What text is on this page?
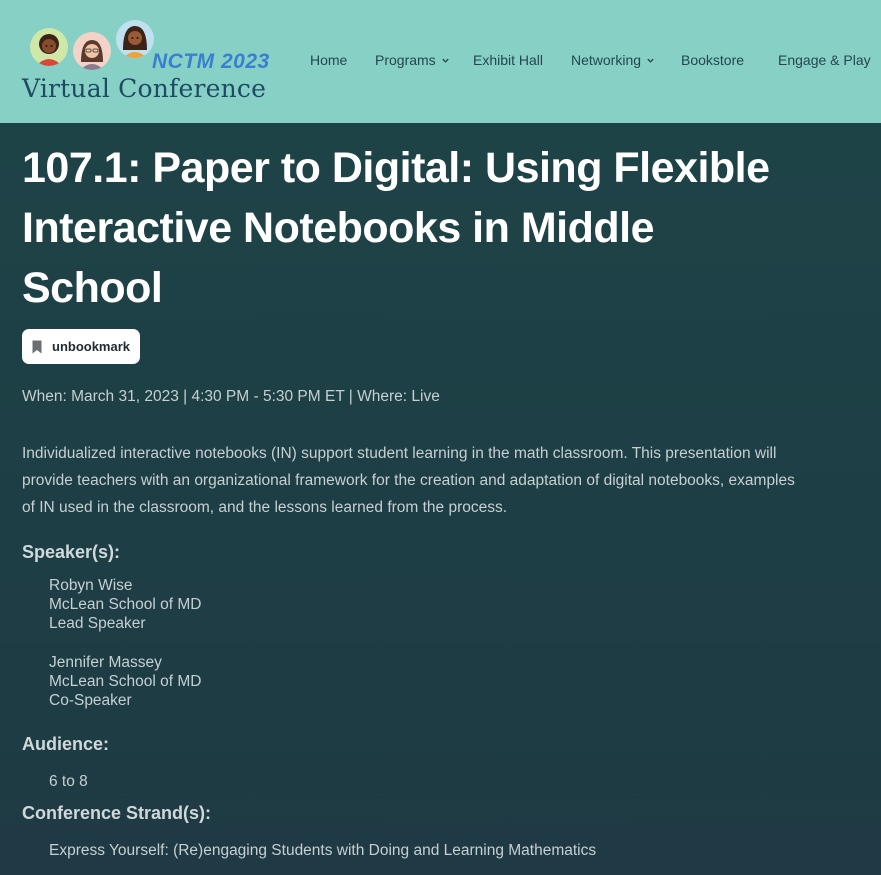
NCTM 2023
Virtual Conference
Home Programs	Exhibit Hall Networking	Bookstore Engage & Play
107.1: Paper to Digital: Using Flexible Interactive Notebooks in Middle School
unbookmark
When: March 31, 2023 | 4:30 PM - 5:30 PM ET | Where: Live
Individualized interactive notebooks (IN) support student learning in the math classroom. This presentation will provide teachers with an organizational framework for the creation and adaptation of digital notebooks, examples of IN used in the classroom, and the lessons learned from the process.
Speaker(s):
Robyn Wise
McLean School of MD
Lead Speaker
Jennifer Massey
McLean School of MD
Co-Speaker
Audience:
6 to 8
Conference Strand(s):
Express Yourself: (Re)engaging Students with Doing and Learning Mathematics
